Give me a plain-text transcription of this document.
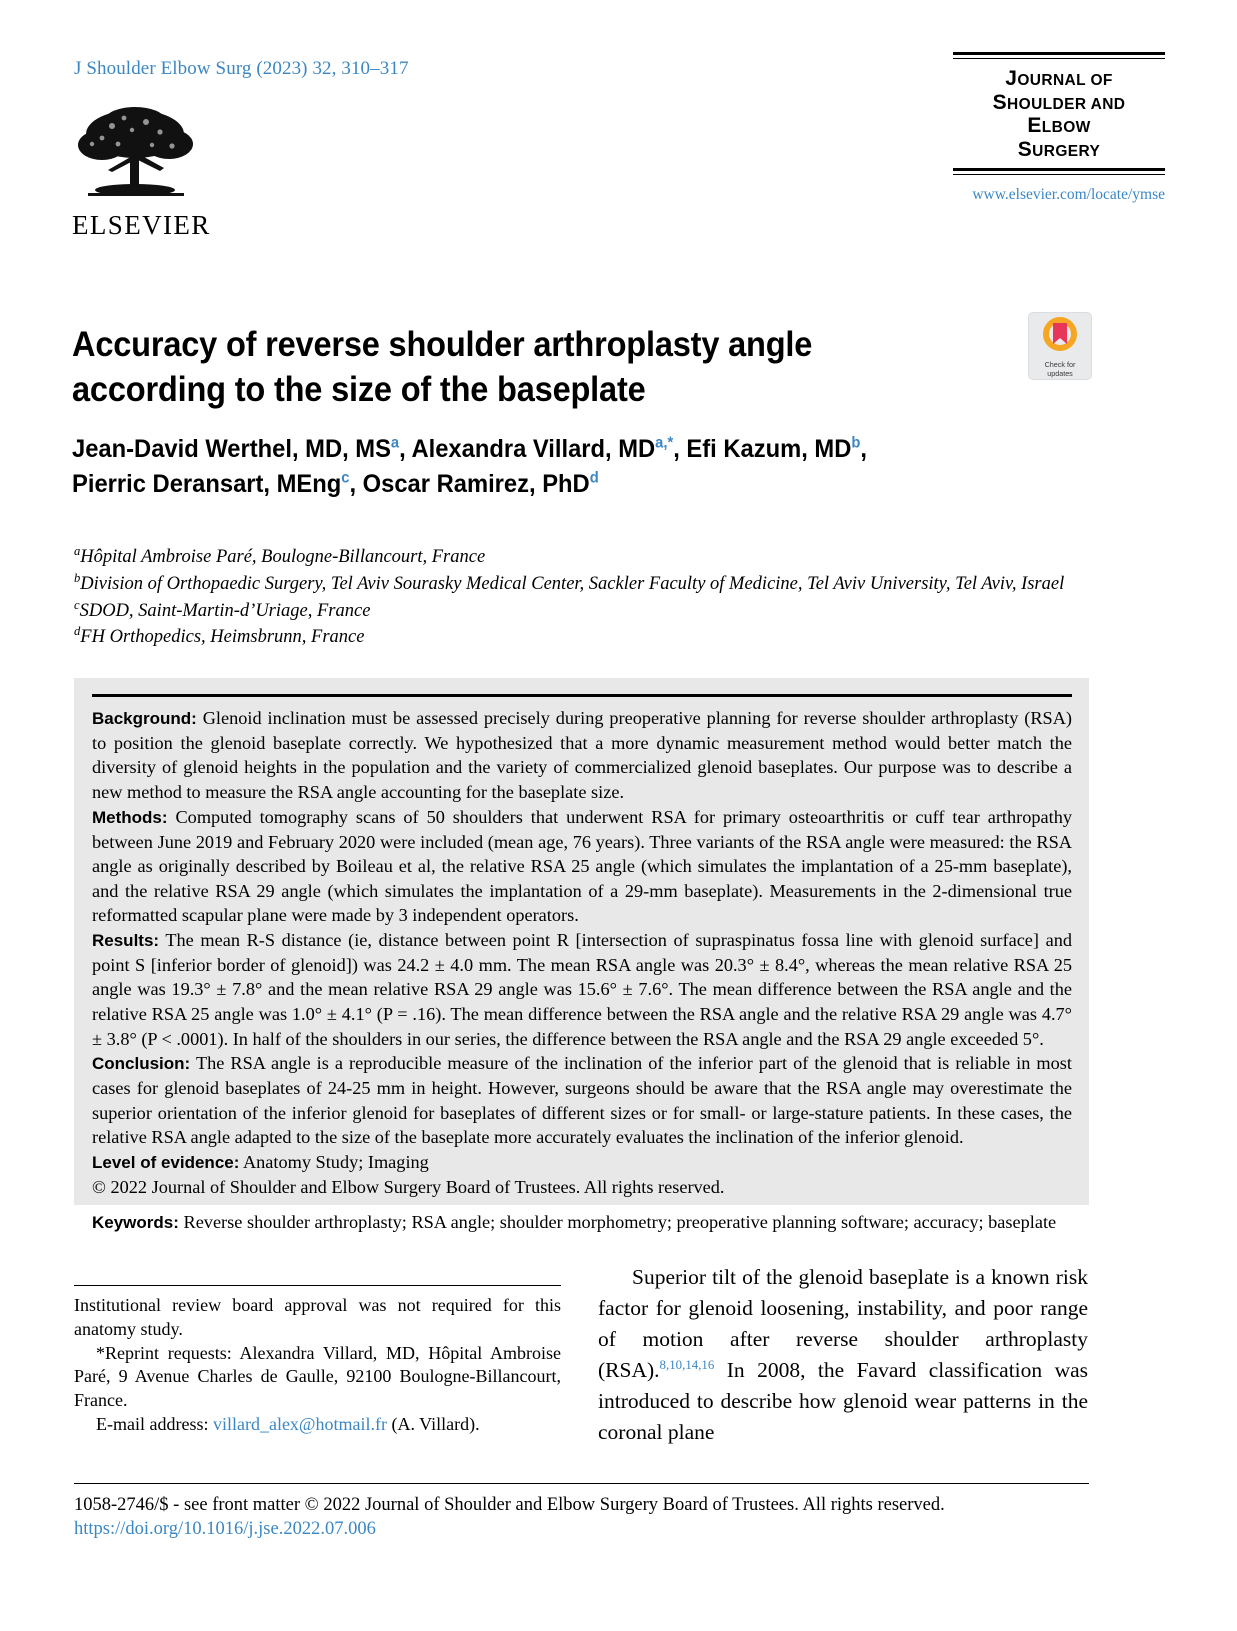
J Shoulder Elbow Surg (2023) 32, 310–317
ELSEVIER
JOURNAL OF
SHOULDER AND
ELBOW
SURGERY
www.elsevier.com/locate/ymse
Accuracy of reverse shoulder arthroplasty angle according to the size of the baseplate
Check for
updates
Jean-David Werthel, MD, $MS^a$, Alexandra Villard, $MD^{a,*}$, Efi Kazum, $MD^b$,
Pierric Deransart, MEng$^c$, Oscar Ramirez, PhD$^d$
$^a$Hôpital Ambroise Paré, Boulogne-Billancourt, France
$^b$Division of Orthopaedic Surgery, Tel Aviv Sourasky Medical Center, Sackler Faculty of Medicine, Tel Aviv University, Tel Aviv, Israel
$^c$SDOD, Saint-Martin-d’Uriage, France
$^d$FH Orthopedics, Heimsbrunn, France

Background: Glenoid inclination must be assessed precisely during preoperative planning for reverse shoulder arthroplasty (RSA) to position the glenoid baseplate correctly. We hypothesized that a more dynamic measurement method would better match the diversity of glenoid heights in the population and the variety of commercialized glenoid baseplates. Our purpose was to describe a new method to measure the RSA angle accounting for the baseplate size.

Methods: Computed tomography scans of 50 shoulders that underwent RSA for primary osteoarthritis or cuff tear arthropathy between June 2019 and February 2020 were included (mean age, 76 years). Three variants of the RSA angle were measured: the RSA angle as originally described by Boileau et al, the relative RSA 25 angle (which simulates the implantation of a 25-mm baseplate), and the relative RSA 29 angle (which simulates the implantation of a 29-mm baseplate). Measurements in the 2-dimensional true reformatted scapular plane were made by 3 independent operators.

Results: The mean R-S distance (ie, distance between point R [intersection of supraspinatus fossa line with glenoid surface] and point S [inferior border of glenoid]) was 24.2 ± 4.0 mm. The mean RSA angle was 20.3° ± 8.4°, whereas the mean relative RSA 25 angle was 19.3° ± 7.8° and the mean relative RSA 29 angle was 15.6° ± 7.6°. The mean difference between the RSA angle and the relative RSA 25 angle was 1.0° ± 4.1° (P = .16). The mean difference between the RSA angle and the relative RSA 29 angle was 4.7° ± 3.8° (P < .0001). In half of the shoulders in our series, the difference between the RSA angle and the RSA 29 angle exceeded 5°.

Conclusion: The RSA angle is a reproducible measure of the inclination of the inferior part of the glenoid that is reliable in most cases for glenoid baseplates of 24-25 mm in height. However, surgeons should be aware that the RSA angle may overestimate the superior orientation of the inferior glenoid for baseplates of different sizes or for small- or large-stature patients. In these cases, the relative RSA angle adapted to the size of the baseplate more accurately evaluates the inclination of the inferior glenoid.

Level of evidence: Anatomy Study; Imaging

© 2022 Journal of Shoulder and Elbow Surgery Board of Trustees. All rights reserved.

Keywords: Reverse shoulder arthroplasty; RSA angle; shoulder morphometry; preoperative planning software; accuracy; baseplate

Institutional review board approval was not required for this anatomy study.

*Reprint requests: Alexandra Villard, MD, Hôpital Ambroise Paré, 9 Avenue Charles de Gaulle, 92100 Boulogne-Billancourt, France.

E-mail address: villard_alex@hotmail.fr (A. Villard).

Superior tilt of the glenoid baseplate is a known risk factor for glenoid loosening, instability, and poor range of motion after reverse shoulder arthroplasty (RSA).$^{8,10,14,16}$ In 2008, the Favard classification was introduced to describe how glenoid wear patterns in the coronal plane

1058-2746/$ - see front matter © 2022 Journal of Shoulder and Elbow Surgery Board of Trustees. All rights reserved.
https://doi.org/10.1016/j.jse.2022.07.006
